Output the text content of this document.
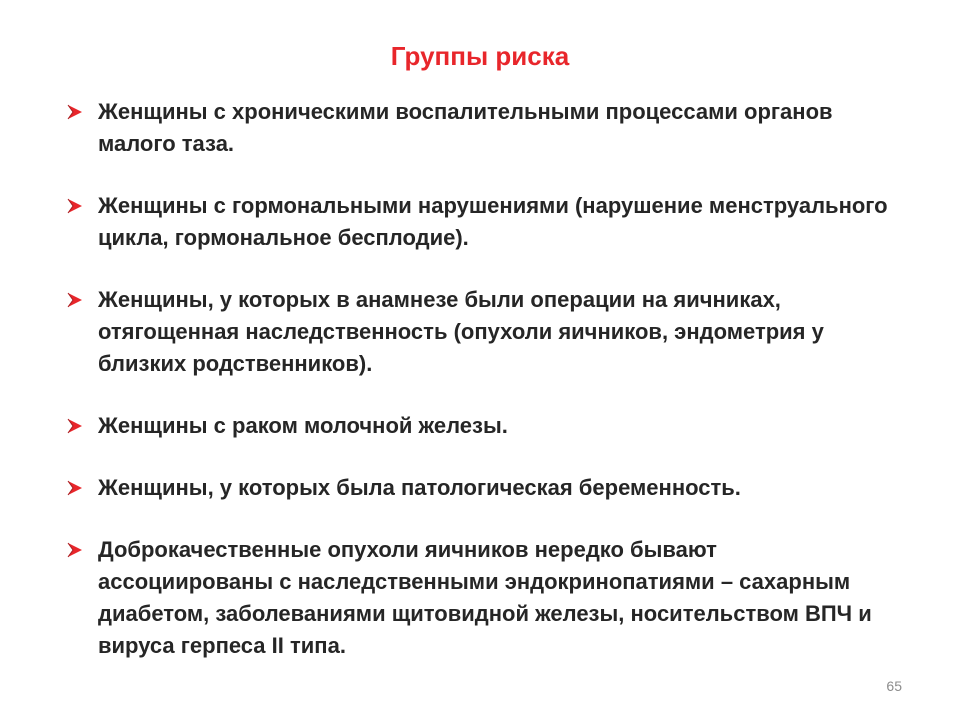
Группы риска
Женщины с хроническими воспалительными процессами органов малого таза.
Женщины с гормональными нарушениями (нарушение менструального цикла, гормональное бесплодие).
Женщины, у которых в анамнезе были операции на яичниках, отягощенная наследственность (опухоли яичников, эндометрия у близких родственников).
Женщины с раком молочной железы.
Женщины, у которых была патологическая беременность.
Доброкачественные опухоли яичников нередко бывают ассоциированы с наследственными эндокринопатиями – сахарным диабетом, заболеваниями щитовидной железы, носительством ВПЧ и вируса герпеса II типа.
65
